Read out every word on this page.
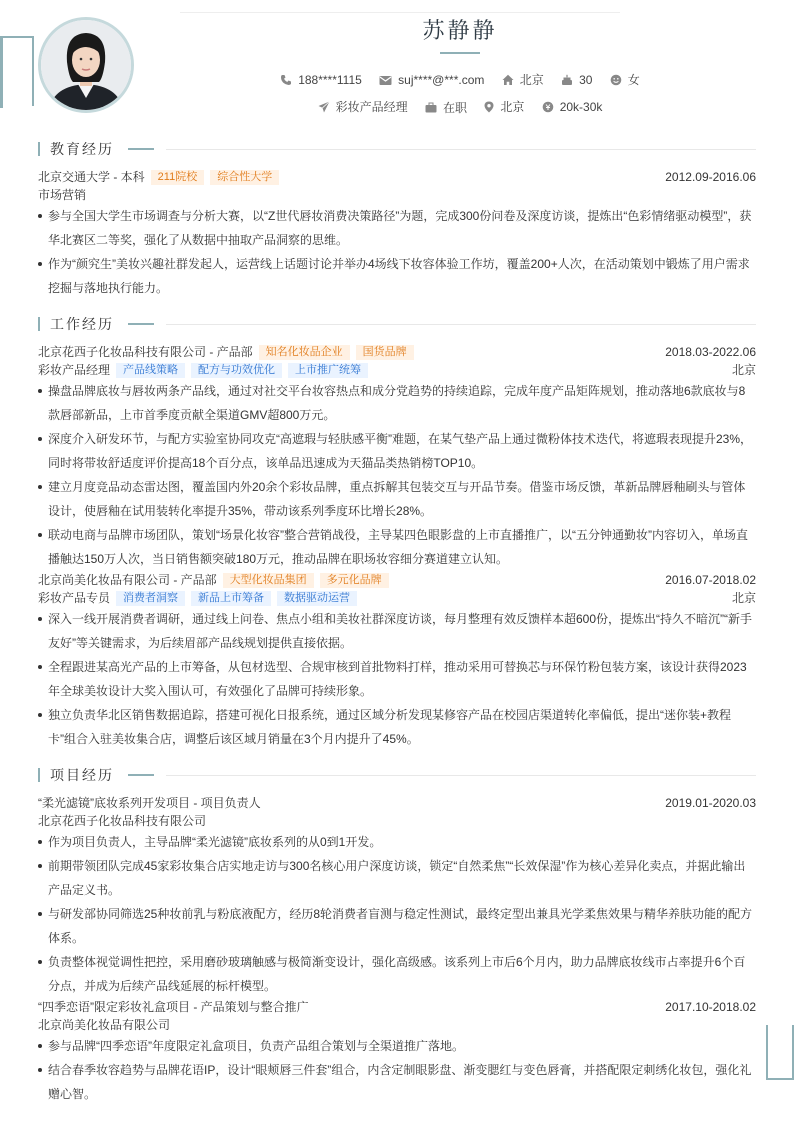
苏静静
188****1115
	suj****@***.com
	北京
	30
	女
彩妆产品经理
	在职
	北京
	20k-30k
教育经历
北京交通大学 - 本科	211院校	综合性大学	2012.09-2016.06
市场营销
参与全国大学生市场调查与分析大赛，以“Z世代唇妆消费决策路径”为题，完成300份问卷及深度访谈，提炼出“色彩情绪驱动模型”，获华北赛区二等奖，强化了从数据中抽取产品洞察的思维。
作为“颜究生”美妆兴趣社群发起人，运营线上话题讨论并举办4场线下妆容体验工作坊，覆盖200+人次，在活动策划中锻炼了用户需求挖掘与落地执行能力。
工作经历
北京花西子化妆品科技有限公司 - 产品部	知名化妆品企业	国货品牌	2018.03-2022.06
彩妆产品经理	产品线策略	配方与功效优化	上市推广统筹	北京
操盘品牌底妆与唇妆两条产品线，通过对社交平台妆容热点和成分党趋势的持续追踪，完成年度产品矩阵规划，推动落地6款底妆与8款唇部新品，上市首季度贡献全渠道GMV超800万元。
深度介入研发环节，与配方实验室协同攻克“高遮瑕与轻肤感平衡”难题，在某气垫产品上通过微粉体技术迭代，将遮瑕表现提升23%，同时将带妆舒适度评价提高18个百分点，该单品迅速成为天猫品类热销榜TOP10。
建立月度竞品动态雷达图，覆盖国内外20余个彩妆品牌，重点拆解其包装交互与开品节奏。借鉴市场反馈，革新品牌唇釉刷头与管体设计，使唇釉在试用装转化率提升35%，带动该系列季度环比增长28%。
联动电商与品牌市场团队，策划“场景化妆容”整合营销战役，主导某四色眼影盘的上市直播推广，以“五分钟通勤妆”内容切入，单场直播触达150万人次，当日销售额突破180万元，推动品牌在职场妆容细分赛道建立认知。
北京尚美化妆品有限公司 - 产品部	大型化妆品集团	多元化品牌	2016.07-2018.02
彩妆产品专员	消费者洞察	新品上市筹备	数据驱动运营	北京
深入一线开展消费者调研，通过线上问卷、焦点小组和美妆社群深度访谈，每月整理有效反馈样本超600份，提炼出“持久不暗沉”“新手友好”等关键需求，为后续眉部产品线规划提供直接依据。
全程跟进某高光产品的上市筹备，从包材选型、合规审核到首批物料打样，推动采用可替换芯与环保竹粉包装方案，该设计获得2023年全球美妆设计大奖入围认可，有效强化了品牌可持续形象。
独立负责华北区销售数据追踪，搭建可视化日报系统，通过区域分析发现某修容产品在校园店渠道转化率偏低，提出“迷你装+教程卡”组合入驻美妆集合店，调整后该区域月销量在3个月内提升了45%。
项目经历
“柔光滤镜”底妆系列开发项目 - 项目负责人	2019.01-2020.03
北京花西子化妆品科技有限公司
作为项目负责人，主导品牌“柔光滤镜”底妆系列的从0到1开发。
前期带领团队完成45家彩妆集合店实地走访与300名核心用户深度访谈，锁定“自然柔焦”“长效保湿”作为核心差异化卖点，并据此输出产品定义书。
与研发部协同筛选25种妆前乳与粉底液配方，经历8轮消费者盲测与稳定性测试，最终定型出兼具光学柔焦效果与精华养肤功能的配方体系。
负责整体视觉调性把控，采用磨砂玻璃触感与极简渐变设计，强化高级感。该系列上市后6个月内，助力品牌底妆线市占率提升6个百分点，并成为后续产品线延展的标杆模型。
“四季恋语”限定彩妆礼盒项目 - 产品策划与整合推广	2017.10-2018.02
北京尚美化妆品有限公司
参与品牌“四季恋语”年度限定礼盒项目，负责产品组合策划与全渠道推广落地。
结合春季妆容趋势与品牌花语IP，设计“眼颊唇三件套”组合，内含定制眼影盘、渐变腮红与变色唇膏，并搭配限定刺绣化妆包，强化礼赠心智。
